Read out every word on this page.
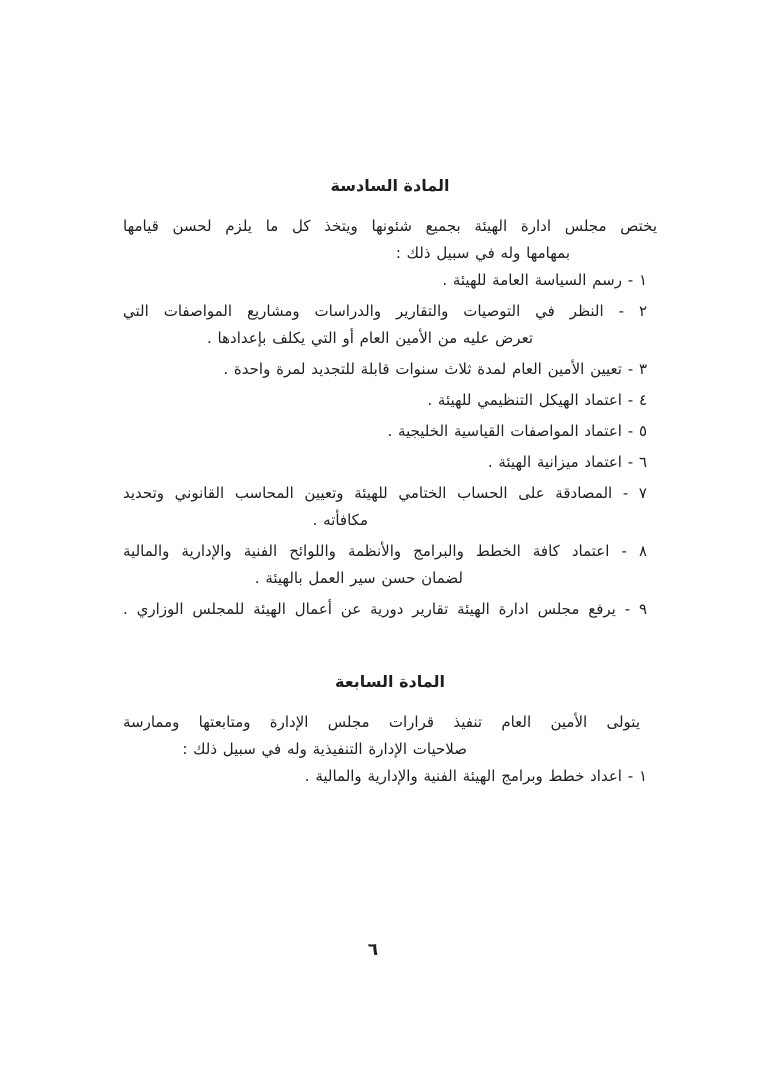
المادة السادسة
يختص مجلس ادارة الهيئة بجميع شئونها ويتخذ كل ما يلزم لحسن قيامها
بمهامها وله في سبيل ذلك :
١ - رسم السياسة العامة للهيئة .
٢ - النظر في التوصيات والتقارير والدراسات ومشاريع المواصفات التي
تعرض عليه من الأمين العام أو التي يكلف بإعدادها .
٣ - تعيين الأمين العام لمدة ثلاث سنوات قابلة للتجديد لمرة واحدة .
٤ - اعتماد الهيكل التنظيمي للهيئة .
٥ - اعتماد المواصفات القياسية الخليجية .
٦ - اعتماد ميزانية الهيئة .
٧ - المصادقة على الحساب الختامي للهيئة وتعيين المحاسب القانوني وتحديد
مكافأته .
٨ - اعتماد كافة الخطط والبرامج والأنظمة واللوائح الفنية والإدارية والمالية
لضمان حسن سير العمل بالهيئة .
٩ - يرفع مجلس ادارة الهيئة تقارير دورية عن أعمال الهيئة للمجلس الوزاري .
المادة السابعة
يتولى الأمين العام تنفيذ قرارات مجلس الإدارة ومتابعتها وممارسة
صلاحيات الإدارة التنفيذية وله في سبيل ذلك :
١ - اعداد خطط وبرامج الهيئة الفنية والإدارية والمالية .
٦
